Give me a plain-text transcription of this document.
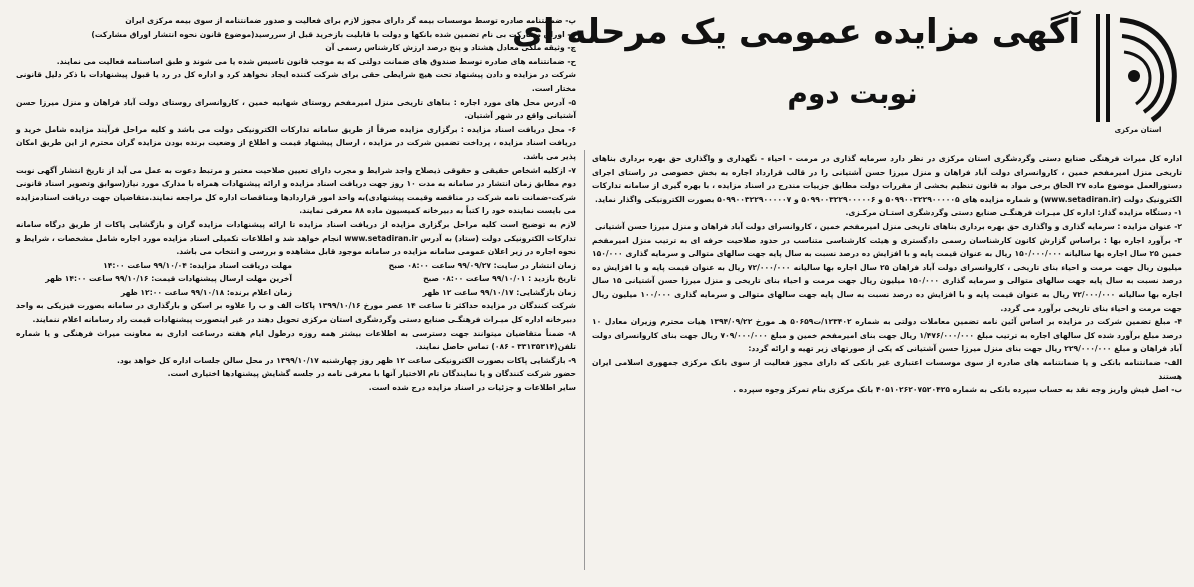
آگهی مزایده عمومی یک مرحله ای
نوبت دوم
استان مرکزی

اداره کل میراث فرهنگی صنایع دستی وگردشگری استان مرکزی در نظر دارد سرمایه گذاری در مرمت - احیاء - نگهداری و واگذاری حق بهره برداری بناهای تاریخی منزل امیرمفخم خمین ، کاروانسرای دولت آباد فراهان و منزل میرزا حسن آشتیانی را در قالب قرارداد اجاره به بخش خصوصی در راستای اجرای دستورالعمل موضوع ماده ۲۷ الحاق برخی مواد به قانون تنظیم بخشی از مقررات دولت مطابق جزییات مندرج در اسناد مزایده ، با بهره گیری از سامانه تدارکات الکترونیک دولت (www.setadiran.ir) و شماره مزایده های ۵۰۹۹۰۰۳۲۲۹۰۰۰۰۰۵ و ۵۰۹۹۰۰۳۲۲۹۰۰۰۰۰۶ و ۵۰۹۹۰۰۳۲۲۹۰۰۰۰۰۷ بصورت الکترونیکی واگذار نماید.

۱- دستگاه مزایده گذار: اداره کل میـراث فرهنگـی صنایع دستی وگردشگری استـان مرکـزی.

۲- عنوان مزایده : سرمایه گذاری و واگذاری حق بهره برداری بناهای تاریخی منزل امیرمفخم خمین ، کاروانسرای دولت آباد فراهان و منزل میرزا حسن آشتیانی

۳- برآورد اجاره بها : براساس گزارش کانون کارشناسان رسمی دادگستری و هیئت کارشناسی متناسب در حدود صلاحیت حرفه ای به ترتیب منزل امیرمفخم خمین ۲۵ سال اجاره بها سالیانه ۱۵۰/۰۰۰/۰۰۰ ریال به عنوان قیمت پایه و با افزایش ده درصد نسبت به سال پایه جهت سالهای متوالی و سرمایه گذاری ۱۵۰/۰۰۰ میلیون ریال جهت مرمت و احیاء بنای تاریخی ، کاروانسرای دولت آباد فراهان ۲۵ سال اجاره بها سالیانه ۷۲/۰۰۰/۰۰۰ ریال به عنوان قیمت پایه و با افزایش ده درصد نسبت به سال پایه جهت سالهای متوالی و سرمایه گذاری ۱۵۰/۰۰۰ میلیون ریال جهت مرمت و احیاء بنای تاریخی و منزل میرزا حسن آشتیانی ۱۵ سال اجاره بها سالیانه ۷۲/۰۰۰/۰۰۰ ریال به عنوان قیمت پایه و با افزایش ده درصد نسبت به سال پایه جهت سالهای متوالی و سرمایه گذاری ۱۰۰/۰۰۰ میلیون ریال جهت مرمت و احیاء بنای تاریخی برآورد می گردد.

۴- مبلغ تضمین شرکت در مزایده بر اساس آئین نامه تضمین معاملات دولتی به شماره ۱۲۳۴۰۲/ت۵۰۶۵۹ هـ مورخ ۱۳۹۴/۰۹/۲۲ هیات محترم وزیران معادل ۱۰ درصد مبلغ برآورد شده کل سالهای اجاره به ترتیب مبلغ ۱/۴۷۶/۰۰۰/۰۰۰ ریال جهت بنای امیرمفخم خمین و مبلغ ۷۰۹/۰۰۰/۰۰۰ ریال جهت بنای کاروانسرای دولت آباد فراهان و مبلغ ۲۲۹/۰۰۰/۰۰۰ ریال جهت بنای منزل میرزا حسن آشتیانی که یکی از صورتهای زیر تهیه و ارائه گردد:

الف- ضمانتنامه بانکی و یا ضمانتنامه های صادره از سوی موسسات اعتباری غیر بانکی که دارای مجوز فعالیت از سوی بانک مرکزی جمهوری اسلامی ایران هستند

ب- اصل فیش واریز وجه نقد به حساب سپرده بانکی به شماره ۴۰۵۱۰۲۶۲۰۷۵۲۰۴۲۵ بانک مرکزی بنام تمرکز وجوه سپرده .

پ- ضمانتنامه صادره توسط موسسات بیمه گر دارای مجوز لازم برای فعالیت و صدور ضمانتنامه از سوی بیمه مرکزی ایران

ج- اوراق مشارکت بی نام تضمین شده بانکها و دولت با قابلیت بازخرید قبل از سررسید(موضوع قانون نحوه انتشار اوراق مشارکت)

چ- وثیقه ملکی معادل هشتاد و پنج درصد ارزش کارشناس رسمی آن

ح- ضمانتنامه های صادره توسط صندوق های ضمانت دولتی که به موجب قانون تاسیس شده یا می شوند و طبق اساسنامه فعالیت می نمایند.

شرکت در مزایده و دادن پیشنهاد تحت هیچ شرایطی حقی برای شرکت کننده ایجاد نخواهد کرد و اداره کل در رد یا قبول پیشنهادات با ذکر دلیل قانونی مختار است.

۵- آدرس محل های مورد اجاره : بناهای تاریخی منزل امیرمفخم روستای شهابیه خمین ، کاروانسرای روستای دولت آباد فراهان و منزل میرزا حسن آشتیانی واقع در شهر آشتیان.

۶- محل دریافت اسناد مزایده : برگزاری مزایده صرفاً از طریق سامانه تدارکات الکترونیکی دولت می باشد و کلیه مراحل فرآیند مزایده شامل خرید و دریافت اسناد مزایده ، پرداخت تضمین شرکت در مزایده ، ارسال پیشنهاد قیمت و اطلاع از وضعیت برنده بودن مزایده گران محترم از این طریق امکان پذیر می باشد.

۷- ازکلیه اشخاص حقیقی و حقوقی ذیصلاح واجد شرایط و مجرب دارای تعیین صلاحیت معتبر و مرتبط دعوت به عمل می آید از تاریخ انتشار آگهی نوبت دوم مطابق زمان انتشار در سامانه به مدت ۱۰ روز جهت دریافت اسناد مزایده و ارائه پیشنهادات همراه با مدارک مورد نیاز(سوابق وتصویر اسناد قانونی شرکت-ضمانت نامه شرکت در مناقصه وقیمت پیشنهادی)به واحد امور قراردادها ومناقصات اداره کل مراجعه نمایند.متقاضیان جهت دریافت اسنادمزایده می بایست نماینده خود را کتباً به دبیرخانه کمیسیون ماده ۸۸ معرفی نمایند.

لازم به توضیح است کلیه مراحل برگزاری مزایده از دریافت اسناد مزایده تا ارائه پیشنهادات مزایده گران و بازگشایی پاکات از طریق درگاه سامانه تدارکات الکترونیکی دولت (ستاد) به آدرس www.setadiran.ir انجام خواهد شد و اطلاعات تکمیلی اسناد مزایده مورد اجاره شامل مشخصات ، شرایط و نحوه اجاره در زیر اعلان عمومی سامانه مزایده در سامانه موجود قابل مشاهده و بررسی و انتخاب می باشد.

زمان انتشار در سایت: ۹۹/۰۹/۲۷ ساعت ۰۸:۰۰ صبح
مهلت دریافت اسناد مزایده: ۹۹/۱۰/۰۴ ساعت ۱۴:۰۰
تاریخ بازدید : ۹۹/۱۰/۰۱ ساعت ۰۸:۰۰ صبح
آخرین مهلت ارسال پیشنهادات قیمت: ۹۹/۱۰/۱۶ ساعت ۱۴:۰۰ ظهر
زمان بازگشایی: ۹۹/۱۰/۱۷ ساعت ۱۲ ظهر
زمان اعلام برنده: ۹۹/۱۰/۱۸ ساعت ۱۲:۰۰ ظهر

شرکت کنندگان در مزایده حداکثر تا ساعت ۱۴ عصر مورخ ۱۳۹۹/۱۰/۱۶ پاکات الف و ب را علاوه بر اسکن و بارگذاری در سامانه بصورت فیزیکی به واحد دبیرخانه اداره کل میـراث فرهنگـی صنایع دستی وگردشگری استان مرکزی تحویل دهند در غیر اینصورت پیشنهادات قیمت راد رسامانه اعلام ننمایند.

۸- ضمناً متقاضیان میتوانند جهت دسترسی به اطلاعات بیشتر همه روزه درطول ایام هفته درساعت اداری به معاونت میراث فرهنگی و یا شماره تلفن(۳۳۱۳۵۳۱۴ - ۰۸۶) تماس حاصل نمایند.

۹- بازگشایی پاکات بصورت الکترونیکی ساعت ۱۲ ظهر روز چهارشنبه ۱۳۹۹/۱۰/۱۷ در محل سالن جلسات اداره کل خواهد بود.

حضور شرکت کنندگان و یا نمایندگان تام الاختیار آنها با معرفی نامه در جلسه گشایش پیشنهادها اختیاری است.

سایر اطلاعات و جزئیات در اسناد مزایده درج شده است.
